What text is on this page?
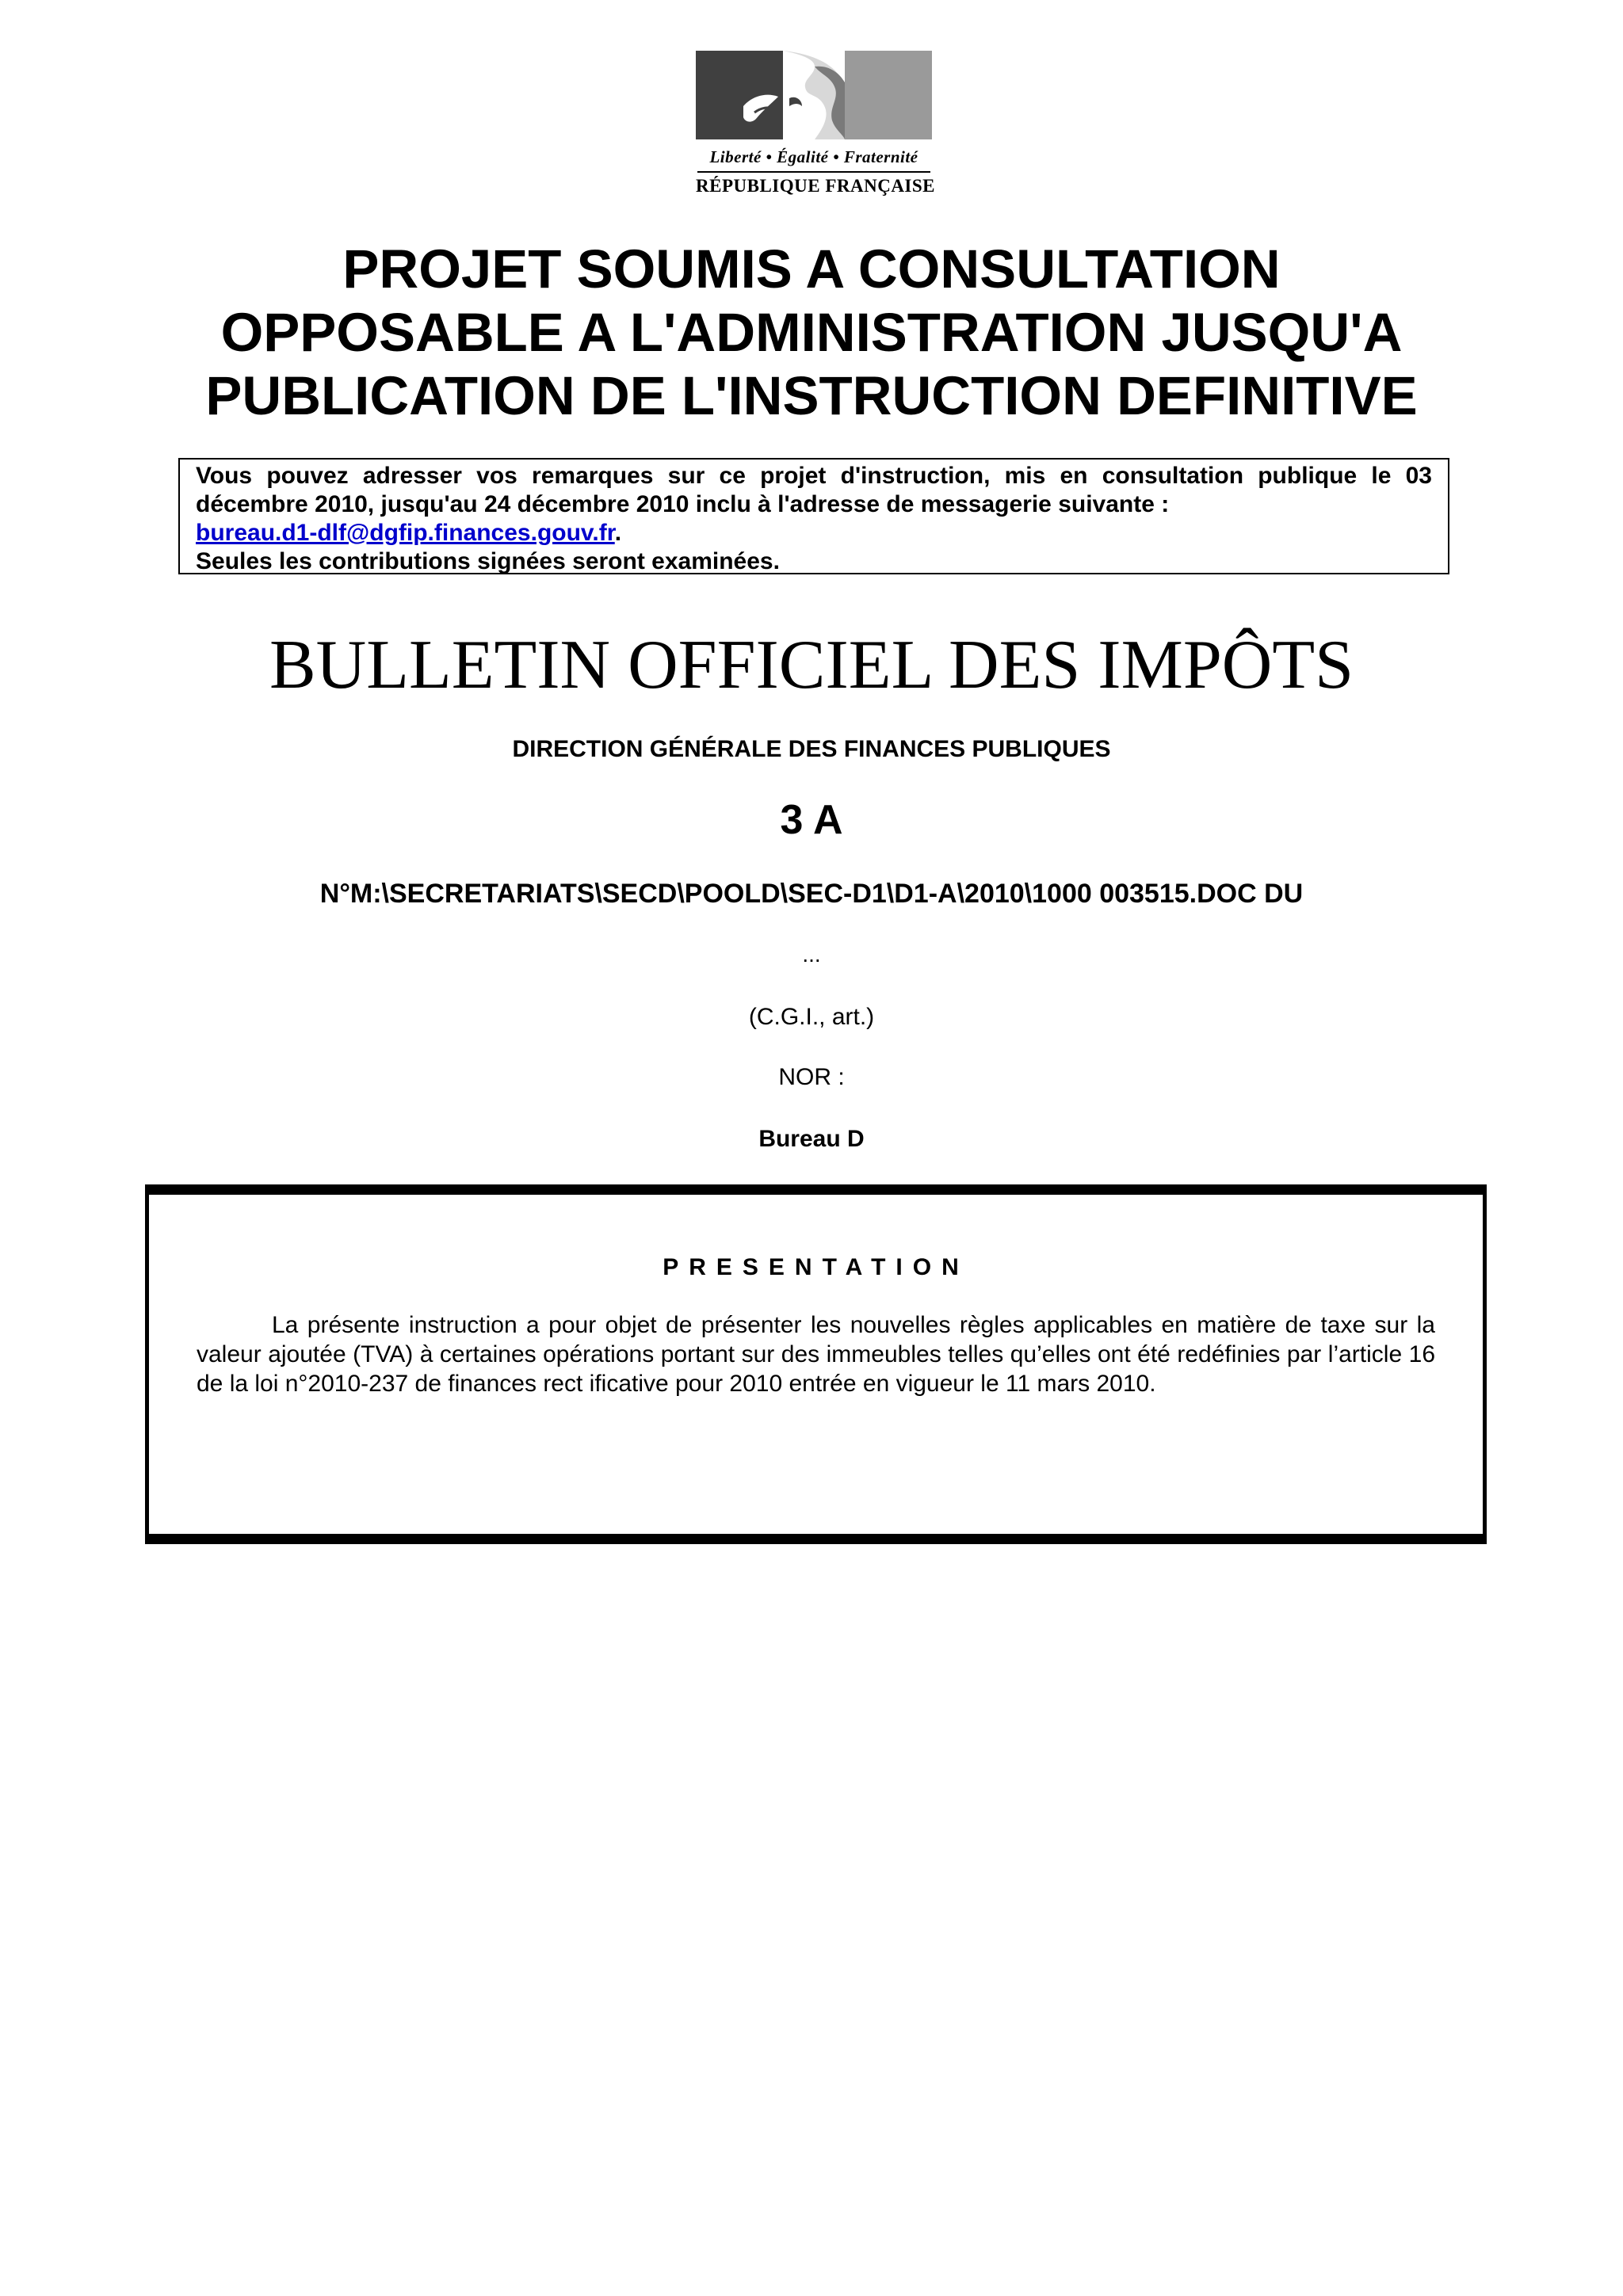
Liberté • Égalité • Fraternité
RÉPUBLIQUE FRANÇAISE
PROJET SOUMIS A CONSULTATION
OPPOSABLE A L'ADMINISTRATION JUSQU'A
PUBLICATION DE L'INSTRUCTION DEFINITIVE
Vous pouvez adresser vos remarques sur ce projet d'instruction, mis en consultation publique le 03 décembre 2010, jusqu'au 24 décembre 2010 inclu à l'adresse de messagerie suivante :
bureau.d1-dlf@dgfip.finances.gouv.fr.
Seules les contributions signées seront examinées.
BULLETIN OFFICIEL DES IMPÔTS
DIRECTION GÉNÉRALE DES FINANCES PUBLIQUES
3 A
N°M:\SECRETARIATS\SECD\POOLD\SEC-D1\D1-A\2010\1000 003515.DOC DU
...
(C.G.I., art.)
NOR :
Bureau D
PRESENTATION
La présente instruction a pour objet de présenter les nouvelles règles applicables en matière de taxe sur la valeur ajoutée (TVA) à certaines opérations portant sur des immeubles telles qu’elles ont été redéfinies par l’article 16 de la loi n°2010-237 de finances rect ificative pour 2010 entrée en vigueur le 11 mars 2010.
